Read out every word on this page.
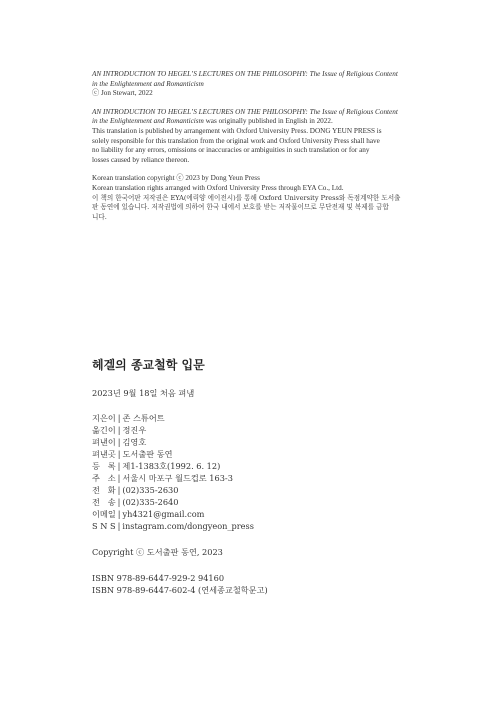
AN INTRODUCTION TO HEGEL’S LECTURES ON THE PHILOSOPHY: The Issue of Religious Content

in the Enlightenment and Romanticism

ⓒ Jon Stewart, 2022

AN INTRODUCTION TO HEGEL’S LECTURES ON THE PHILOSOPHY: The Issue of Religious Content

in the Enlightenment and Romanticism was originally published in English in 2022.

This translation is published by arrangement with Oxford University Press. DONG YEUN PRESS is

solely responsible for this translation from the original work and Oxford University Press shall have

no liability for any errors, omissions or inaccuracies or ambiguities in such translation or for any

losses caused by reliance thereon.

Korean translation copyright ⓒ 2023 by Dong Yeun Press

Korean translation rights arranged with Oxford University Press through EYA Co., Ltd.

이 책의 한국어판 저작권은 EYA(에릭양 에이전시)를 통해 Oxford University Press와 독점계약한 도서출

판 동연에 있습니다. 저작권법에 의하여 한국 내에서 보호를 받는 저작물이므로 무단전재 및 복제를 금합

니다.

헤겔의 종교철학 입문

2023년 9월 18일 처음 펴냄

지은이 | 존 스튜어트

옮긴이 | 정진우

펴낸이 | 김영호

펴낸곳 | 도서출판 동연

등   록 | 제1-1383호(1992. 6. 12)

주   소 | 서울시 마포구 월드컵로 163-3

전   화 | (02)335-2630

전   송 | (02)335-2640

이메일 | yh4321@gmail.com

S N S | instagram.com/dongyeon_press

Copyright ⓒ 도서출판 동연, 2023

ISBN 978-89-6447-929-2 94160

ISBN 978-89-6447-602-4 (연세종교철학문고)
